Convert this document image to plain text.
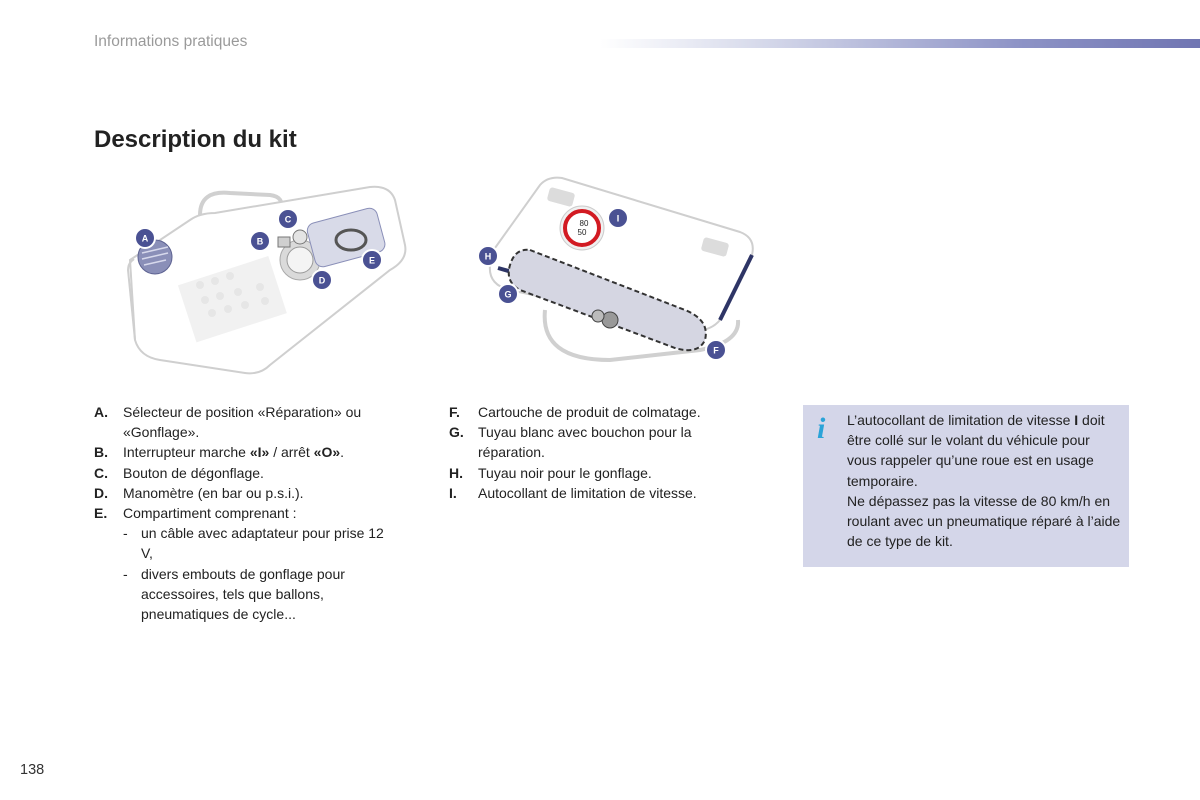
Informations pratiques
Description du kit
A	B
C
D
E
80
50
H
G
I
F
A. Sélecteur de position «Réparation» ou «Gonflage».
B. Interrupteur marche «I» / arrêt «O».
C. Bouton de dégonflage.
D. Manomètre (en bar ou p.s.i.).
E. Compartiment comprenant :
- un câble avec adaptateur pour prise 12 V,
- divers embouts de gonflage pour accessoires, tels que ballons, pneumatiques de cycle...
F. Cartouche de produit de colmatage.
G. Tuyau blanc avec bouchon pour la réparation.
H. Tuyau noir pour le gonflage.
I. Autocollant de limitation de vitesse.
i L’autocollant de limitation de vitesse I doit être collé sur le volant du véhicule pour vous rappeler qu’une roue est en usage temporaire.
Ne dépassez pas la vitesse de 80 km/h en roulant avec un pneumatique réparé à l’aide de ce type de kit.
138
